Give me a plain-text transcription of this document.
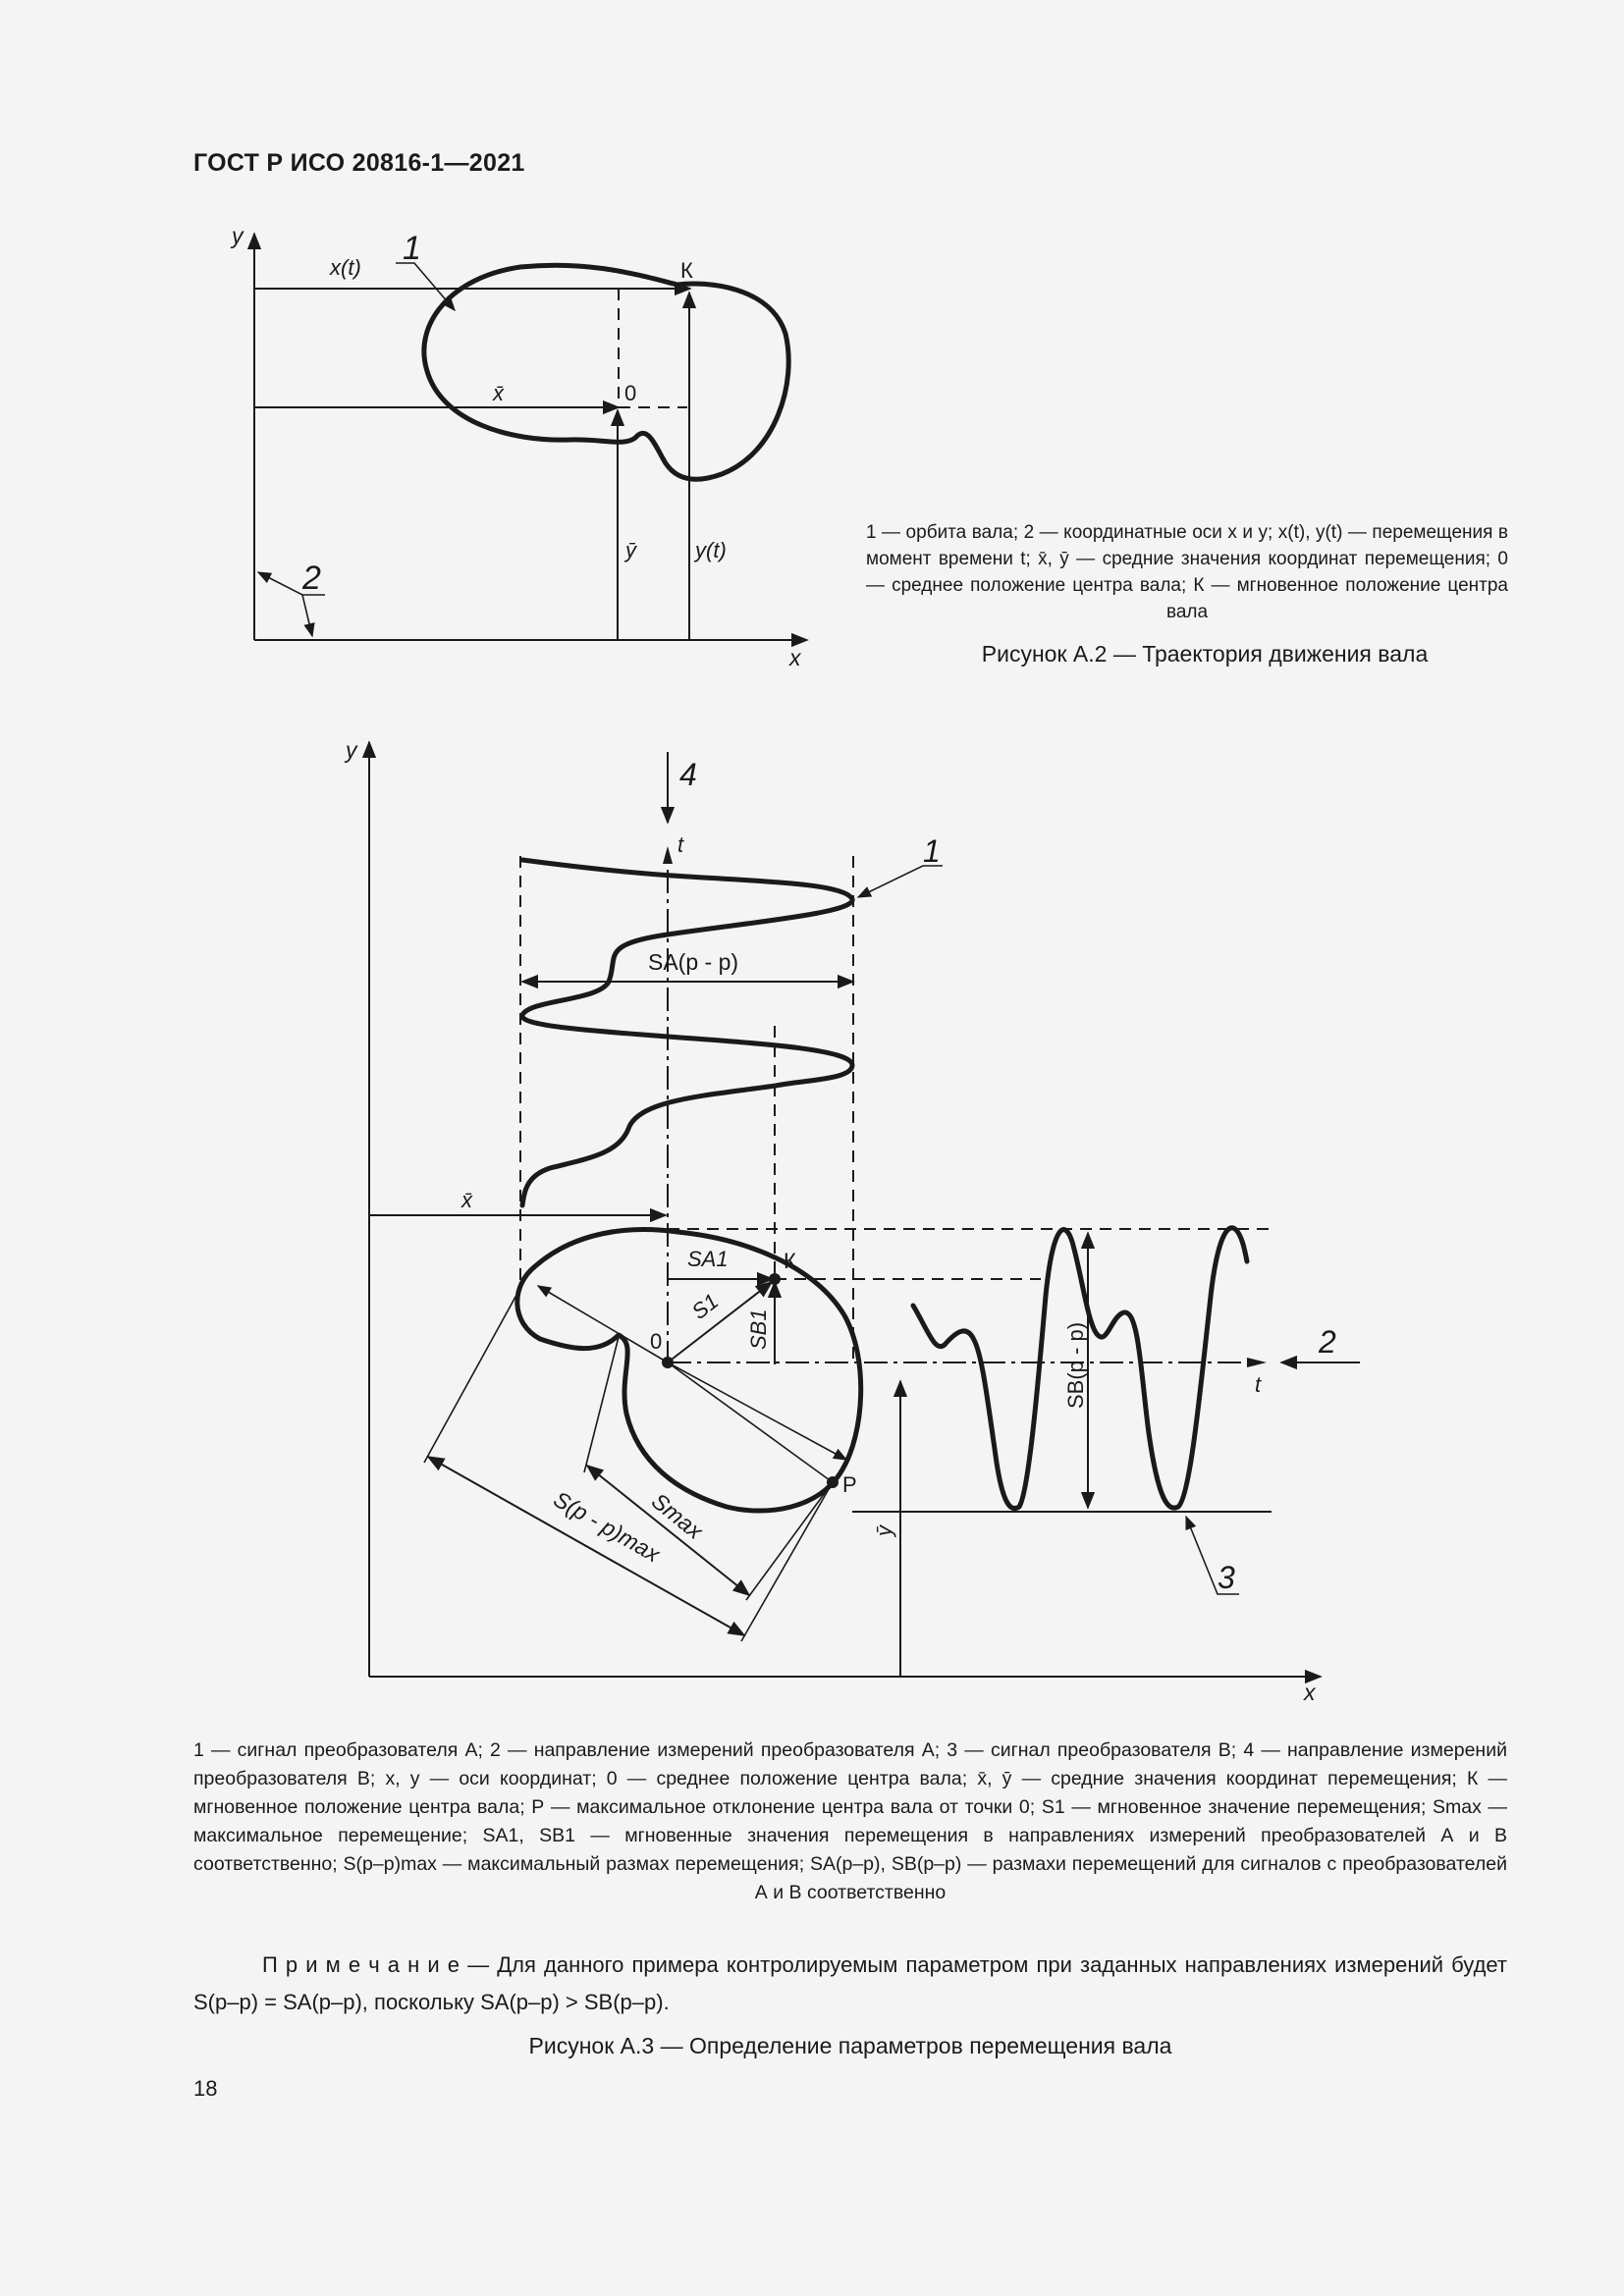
ГОСТ Р ИСО 20816-1—2021
y
x
x(t)	К
x̄	0
ȳ	y(t)
1
2
y
x
x̄
ȳ
4
t
SA(p - p)
1
t
2
SB(p - p)
3
0
К
Р
SA1
SB1
S1
Smax
S(p - p)max
1 — орбита вала; 2 — координатные оси x и y; x(t), y(t) — перемещения в момент времени t; x̄, ȳ — средние значения координат перемещения; 0 — среднее положение центра вала; К — мгновенное положение центра вала
Рисунок А.2 — Траектория движения вала
1 — сигнал преобразователя А; 2 — направление измерений преобразователя А; 3 — сигнал преобразователя В; 4 — направление измерений преобразователя В; x, y — оси координат; 0 — среднее положение центра вала; x̄, ȳ — средние значения координат перемещения; К — мгновенное положение центра вала; Р — максимальное отклонение центра вала от точки 0; S1 — мгновенное значение перемещения; Smax — максимальное перемещение; SA1, SB1 — мгновенные значения перемещения в направлениях измерений преобразователей А и В соответственно; S(p–p)max — максимальный размах перемещения; SA(p–p), SB(p–p) — размахи перемещений для сигналов с преобразователей А и В соответственно
П р и м е ч а н и е — Для данного примера контролируемым параметром при заданных направлениях измерений будет S(p–p) = SA(p–p), поскольку SA(p–p) > SB(p–p).
Рисунок А.3 — Определение параметров перемещения вала
18
